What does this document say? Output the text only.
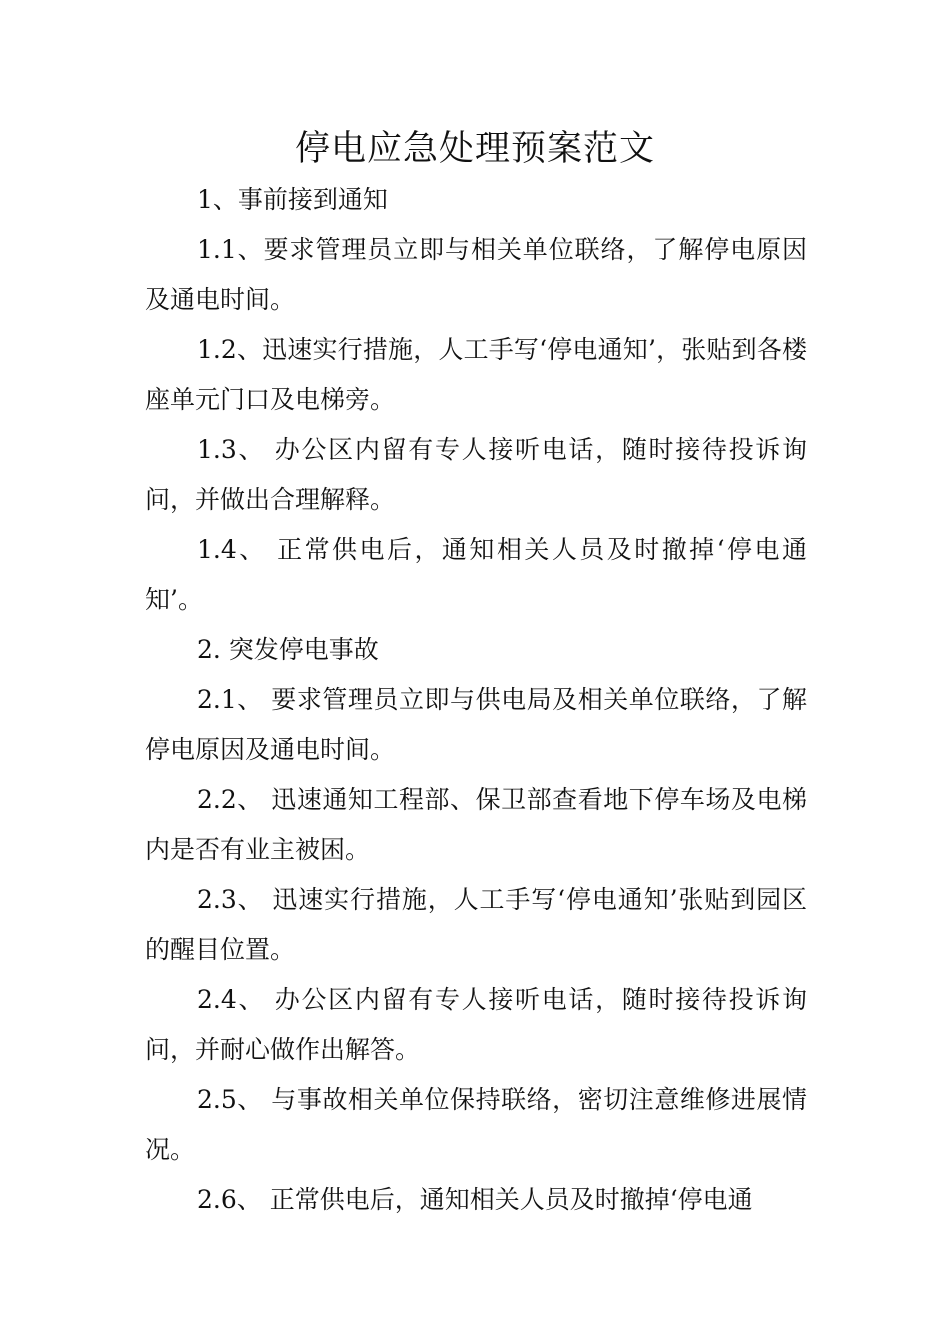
停电应急处理预案范文

1、事前接到通知

1.1、要求管理员立即与相关单位联络，了解停电原因及通电时间。

1.2、迅速实行措施，人工手写‘停电通知’，张贴到各楼座单元门口及电梯旁。

1.3、 办公区内留有专人接听电话，随时接待投诉询问，并做出合理解释。

1.4、 正常供电后，通知相关人员及时撤掉‘停电通知’。

2. 突发停电事故

2.1、 要求管理员立即与供电局及相关单位联络，了解停电原因及通电时间。

2.2、 迅速通知工程部、保卫部查看地下停车场及电梯内是否有业主被困。

2.3、 迅速实行措施，人工手写‘停电通知’张贴到园区的醒目位置。

2.4、 办公区内留有专人接听电话，随时接待投诉询问，并耐心做作出解答。

2.5、 与事故相关单位保持联络，密切注意维修进展情况。

2.6、 正常供电后，通知相关人员及时撤掉‘停电通
